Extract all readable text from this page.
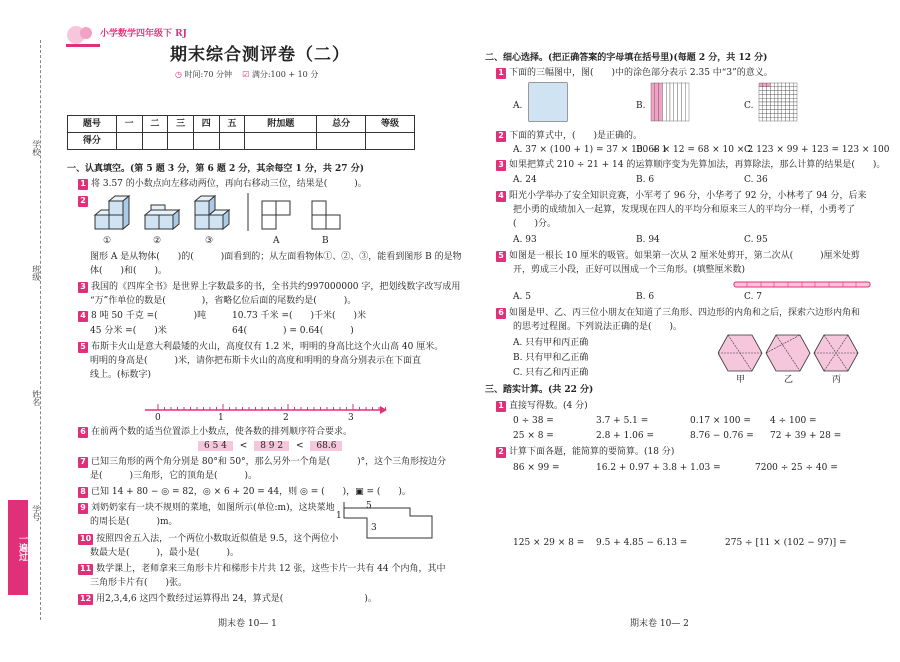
学校
班级
姓名
学号
一遍过
小学数学四年级下 RJ
期末综合测评卷（二）
◷ 时间:70 分钟 ☑ 满分:100 + 10 分
题号	一	二	三	四	五	附加题	总分	等级
得分								
一、认真填空。(第 5 题 3 分，第 6 题 2 分，其余每空 1 分，共 27 分)
1 将 3.57 的小数点向左移动两位，再向右移动三位，结果是(　　　)。
2
①	②	③	A	B
图形 A 是从物体(　　)的(　　　)面看到的；从左面看物体①、②、③，能看到图形 B 的是物
体(　　)和(　　)。
3 我国的《四库全书》是世界上字数最多的书，全书共约997000000 字，把划线数字改写成用
“万”作单位的数是(　　　　)，省略亿位后面的尾数约是(　　　)。
4 8 吨 50 千克 =(　　　　)吨	10.73 千米 =(　　)千米(　　)米
45 分米 =(　　)米	64(　　　　) = 0.64(　　　)
5 布斯卡火山是意大利最矮的火山，高度仅有 1.2 米，明明的身高比这个火山高 40 厘米。
明明的身高是(　　　)米，请你把布斯卡火山的高度和明明的身高分别表示在下面直
线上。(标数字)
0	1	2	3
6 在前两个数的适当位置添上小数点，使各数的排列顺序符合要求。
6 5 4 < 8 9 2 < 68.6
7 已知三角形的两个角分别是 80°和 50°，那么另外一个角是(　　　)°，这个三角形按边分
是(　　　)三角形，它的顶角是(　　　)。
8 已知 14 + 80 − ◎ = 82，◎ × 6 + 20 = 44，则 ◎ = (　　)，▣ = (　　)。
9 刘奶奶家有一块不规则的菜地，如图所示(单位:m)，这块菜地
的周长是(　　　)m。
5
1
3
10 按照四舍五入法，一个两位小数取近似值是 9.5，这个两位小
数最大是(　　　)，最小是(　　　)。
11 数学课上，老师拿来三角形卡片和梯形卡片共 12 张，这些卡片一共有 44 个内角，其中
三角形卡片有(　　)张。
12 用2,3,4,6 这四个数经过运算得出 24，算式是(　　　　　　　　　)。
期末卷 10— 1
二、细心选择。(把正确答案的字母填在括号里)(每题 2 分，共 12 分)
1 下面的三幅图中，图(　　)中的涂色部分表示 2.35 中“3”的意义。
A.	B.	C.
2 下面的算式中，(　　)是正确的。
A. 37 × (100 + 1) = 37 × 100 + 1
B. 68 × 12 = 68 × 10 × 2
C. 123 × 99 + 123 = 123 × 100
3 如果把算式 210 ÷ 21 + 14 的运算顺序变为先算加法，再算除法，那么计算的结果是(　　)。
A. 24	B. 6	C. 36
4 阳光小学举办了安全知识竞赛，小军考了 96 分，小华考了 92 分，小林考了 94 分，后来
把小勇的成绩加入一起算，发现现在四人的平均分和原来三人的平均分一样，小勇考了
(　　)分。
A. 93	B. 94	C. 95
5 如图是一根长 10 厘米的吸管。如果第一次从 2 厘米处剪开，第二次从(　　　)厘米处剪
开，剪成三小段，正好可以围成一个三角形。(填整厘米数)
A. 5	B. 6	C. 7
6 如图是甲、乙、丙三位小朋友在知道了三角形、四边形的内角和之后，探索六边形内角和
的思考过程图。下列说法正确的是(　　)。
A. 只有甲和丙正确
B. 只有甲和乙正确
C. 只有乙和丙正确
甲	乙	丙
三、踏实计算。(共 22 分)
1 直接写得数。(4 分)
0 ÷ 38 =	3.7 + 5.1 =	0.17 × 100 = 4 ÷ 100 =
25 × 8 =	2.8 + 1.06 =	8.76 − 0.76 = 72 + 39 + 28 =
2 计算下面各题，能简算的要简算。(18 分)
86 × 99 =	16.2 + 0.97 + 3.8 + 1.03 =	7200 ÷ 25 ÷ 40 =
125 × 29 × 8 = 9.5 + 4.85 − 6.13 =	275 ÷ [11 × (102 − 97)] =
期末卷 10— 2
